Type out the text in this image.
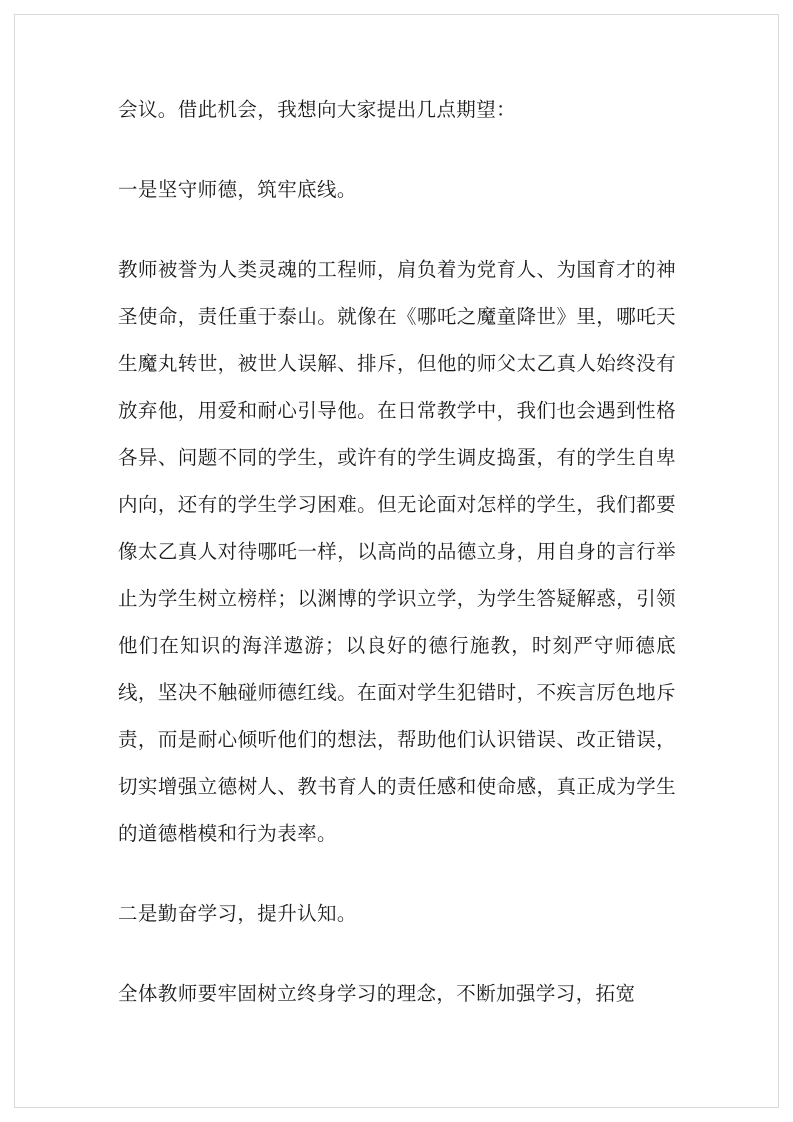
会议。借此机会，我想向大家提出几点期望：

一是坚守师德，筑牢底线。

教师被誉为人类灵魂的工程师，肩负着为党育人、为国育才的神圣使命，责任重于泰山。就像在《哪吒之魔童降世》里，哪吒天生魔丸转世，被世人误解、排斥，但他的师父太乙真人始终没有放弃他，用爱和耐心引导他。在日常教学中，我们也会遇到性格各异、问题不同的学生，或许有的学生调皮捣蛋，有的学生自卑内向，还有的学生学习困难。但无论面对怎样的学生，我们都要像太乙真人对待哪吒一样，以高尚的品德立身，用自身的言行举止为学生树立榜样；以渊博的学识立学，为学生答疑解惑，引领他们在知识的海洋遨游；以良好的德行施教，时刻严守师德底线，坚决不触碰师德红线。在面对学生犯错时，不疾言厉色地斥责，而是耐心倾听他们的想法，帮助他们认识错误、改正错误，切实增强立德树人、教书育人的责任感和使命感，真正成为学生的道德楷模和行为表率。

二是勤奋学习，提升认知。

全体教师要牢固树立终身学习的理念，不断加强学习，拓宽
